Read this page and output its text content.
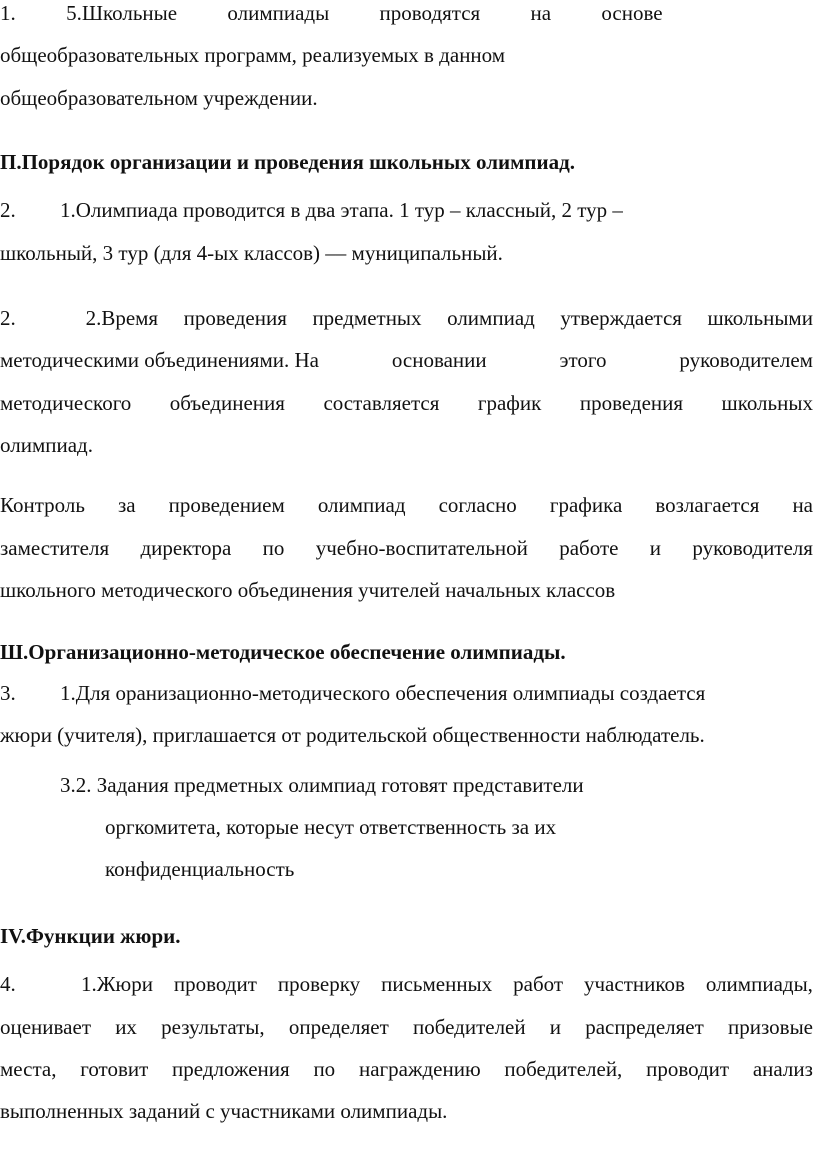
1. 5.Школьные олимпиады проводятся на основе
общеобразовательных программ, реализуемых в данном
общеобразовательном учреждении.
П.Порядок организации и проведения школьных олимпиад.
2. 1.Олимпиада проводится в два этапа. 1 тур – классный, 2 тур –
школьный, 3 тур (для 4-ых классов) –– муниципальный.
2.	2.Время проведения предметных олимпиад утверждается школьными
методическими объединениями. На	основании	этого	руководителем
методического объединения составляется график проведения школьных
олимпиад.
Контроль за проведением олимпиад согласно графика возлагается на
заместителя директора по учебно-воспитательной работе и руководителя
школьного методического объединения учителей начальных классов
Ш.Организационно-методическое обеспечение олимпиады.
3. 1.Для оранизационно-методического обеспечения олимпиады создается
жюри (учителя), приглашается от родительской общественности наблюдатель.
3.2. Задания предметных олимпиад готовят представители
оргкомитета, которые несут ответственность за их
конфиденциальность
IV.Функции жюри.
4.	1.Жюри проводит проверку письменных работ участников олимпиады,
оценивает их результаты, определяет победителей и распределяет призовые
места, готовит предложения по награждению победителей, проводит анализ
выполненных заданий с участниками олимпиады.
